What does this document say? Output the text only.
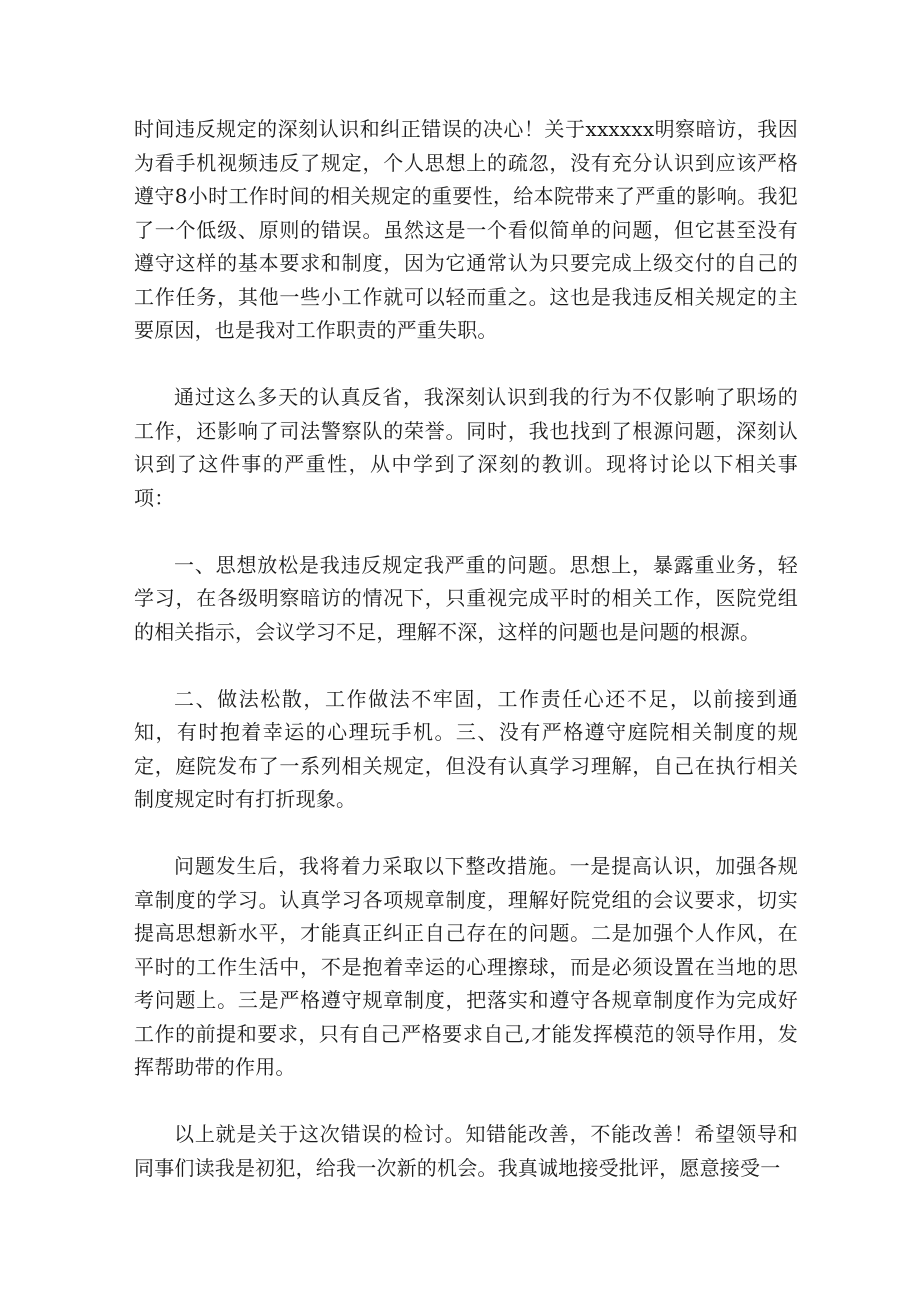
时间违反规定的深刻认识和纠正错误的决心！关于xxxxxx明察暗访，我因为看手机视频违反了规定，个人思想上的疏忽，没有充分认识到应该严格遵守8小时工作时间的相关规定的重要性，给本院带来了严重的影响。我犯了一个低级、原则的错误。虽然这是一个看似简单的问题，但它甚至没有遵守这样的基本要求和制度，因为它通常认为只要完成上级交付的自己的工作任务，其他一些小工作就可以轻而重之。这也是我违反相关规定的主要原因，也是我对工作职责的严重失职。

通过这么多天的认真反省，我深刻认识到我的行为不仅影响了职场的工作，还影响了司法警察队的荣誉。同时，我也找到了根源问题，深刻认识到了这件事的严重性，从中学到了深刻的教训。现将讨论以下相关事项：

一、思想放松是我违反规定我严重的问题。思想上，暴露重业务，轻学习，在各级明察暗访的情况下，只重视完成平时的相关工作，医院党组的相关指示，会议学习不足，理解不深，这样的问题也是问题的根源。

二、做法松散，工作做法不牢固，工作责任心还不足，以前接到通知，有时抱着幸运的心理玩手机。三、没有严格遵守庭院相关制度的规定，庭院发布了一系列相关规定，但没有认真学习理解，自己在执行相关制度规定时有打折现象。

问题发生后，我将着力采取以下整改措施。一是提高认识，加强各规章制度的学习。认真学习各项规章制度，理解好院党组的会议要求，切实提高思想新水平，才能真正纠正自己存在的问题。二是加强个人作风，在平时的工作生活中，不是抱着幸运的心理擦球，而是必须设置在当地的思考问题上。三是严格遵守规章制度，把落实和遵守各规章制度作为完成好工作的前提和要求，只有自己严格要求自己,才能发挥模范的领导作用，发挥帮助带的作用。

以上就是关于这次错误的检讨。知错能改善，不能改善！希望领导和同事们读我是初犯，给我一次新的机会。我真诚地接受批评，愿意接受一
